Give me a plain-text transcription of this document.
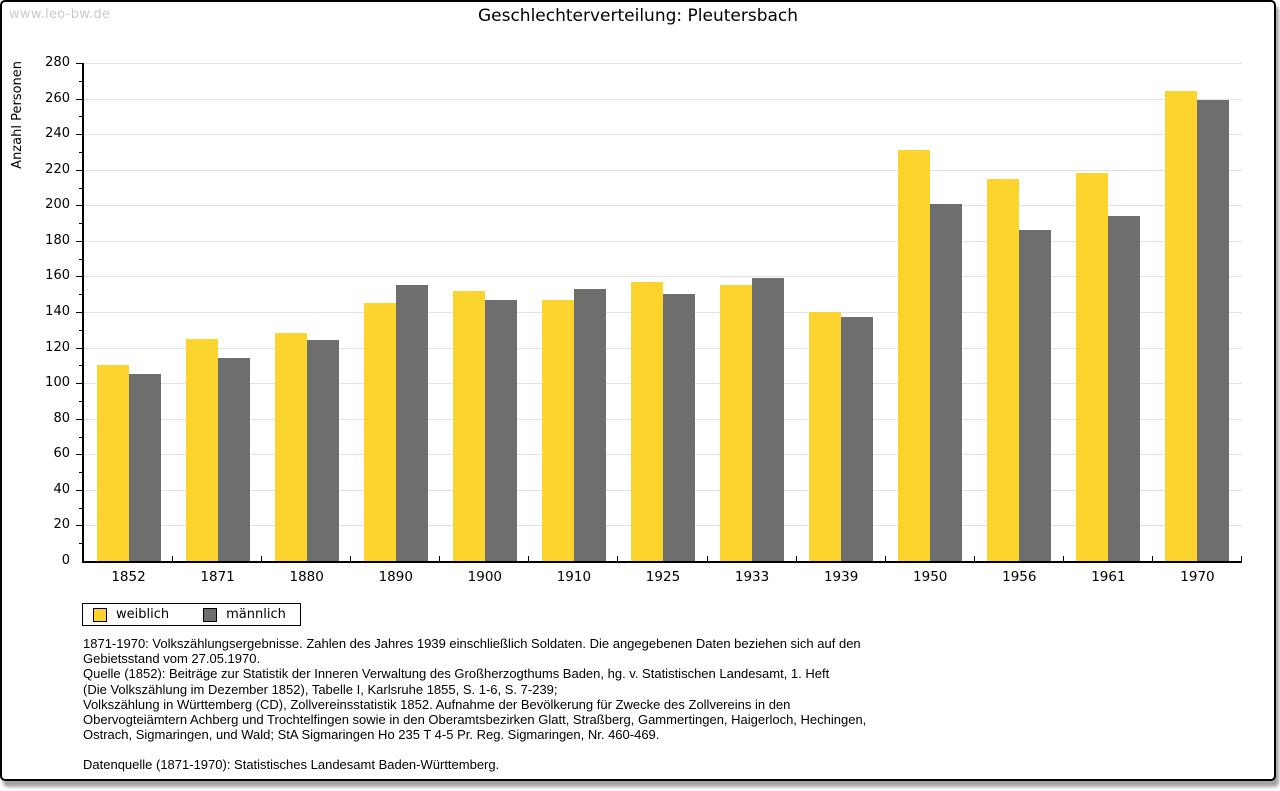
www.leo-bw.de	Geschlechterverteilung: Pleutersbach
Anzahl Personen
0
20
40
60
80
100
120
140
160
180
200
220
240
260
280
1852	1871	1880	1890	1900	1910	1925	1933	1939	1950	1956	1961	1970
weiblich	männlich
1871-1970: Volkszählungsergebnisse. Zahlen des Jahres 1939 einschließlich Soldaten. Die angegebenen Daten beziehen sich auf den
Gebietsstand vom 27.05.1970.
Quelle (1852): Beiträge zur Statistik der Inneren Verwaltung des Großherzogthums Baden, hg. v. Statistischen Landesamt, 1. Heft
(Die Volkszählung im Dezember 1852), Tabelle I, Karlsruhe 1855, S. 1-6, S. 7-239;
Volkszählung in Württemberg (CD), Zollvereinsstatistik 1852. Aufnahme der Bevölkerung für Zwecke des Zollvereins in den
Obervogteiämtern Achberg und Trochtelfingen sowie in den Oberamtsbezirken Glatt, Straßberg, Gammertingen, Haigerloch, Hechingen,
Ostrach, Sigmaringen, und Wald; StA Sigmaringen Ho 235 T 4-5 Pr. Reg. Sigmaringen, Nr. 460-469.
Datenquelle (1871-1970): Statistisches Landesamt Baden-Württemberg.
